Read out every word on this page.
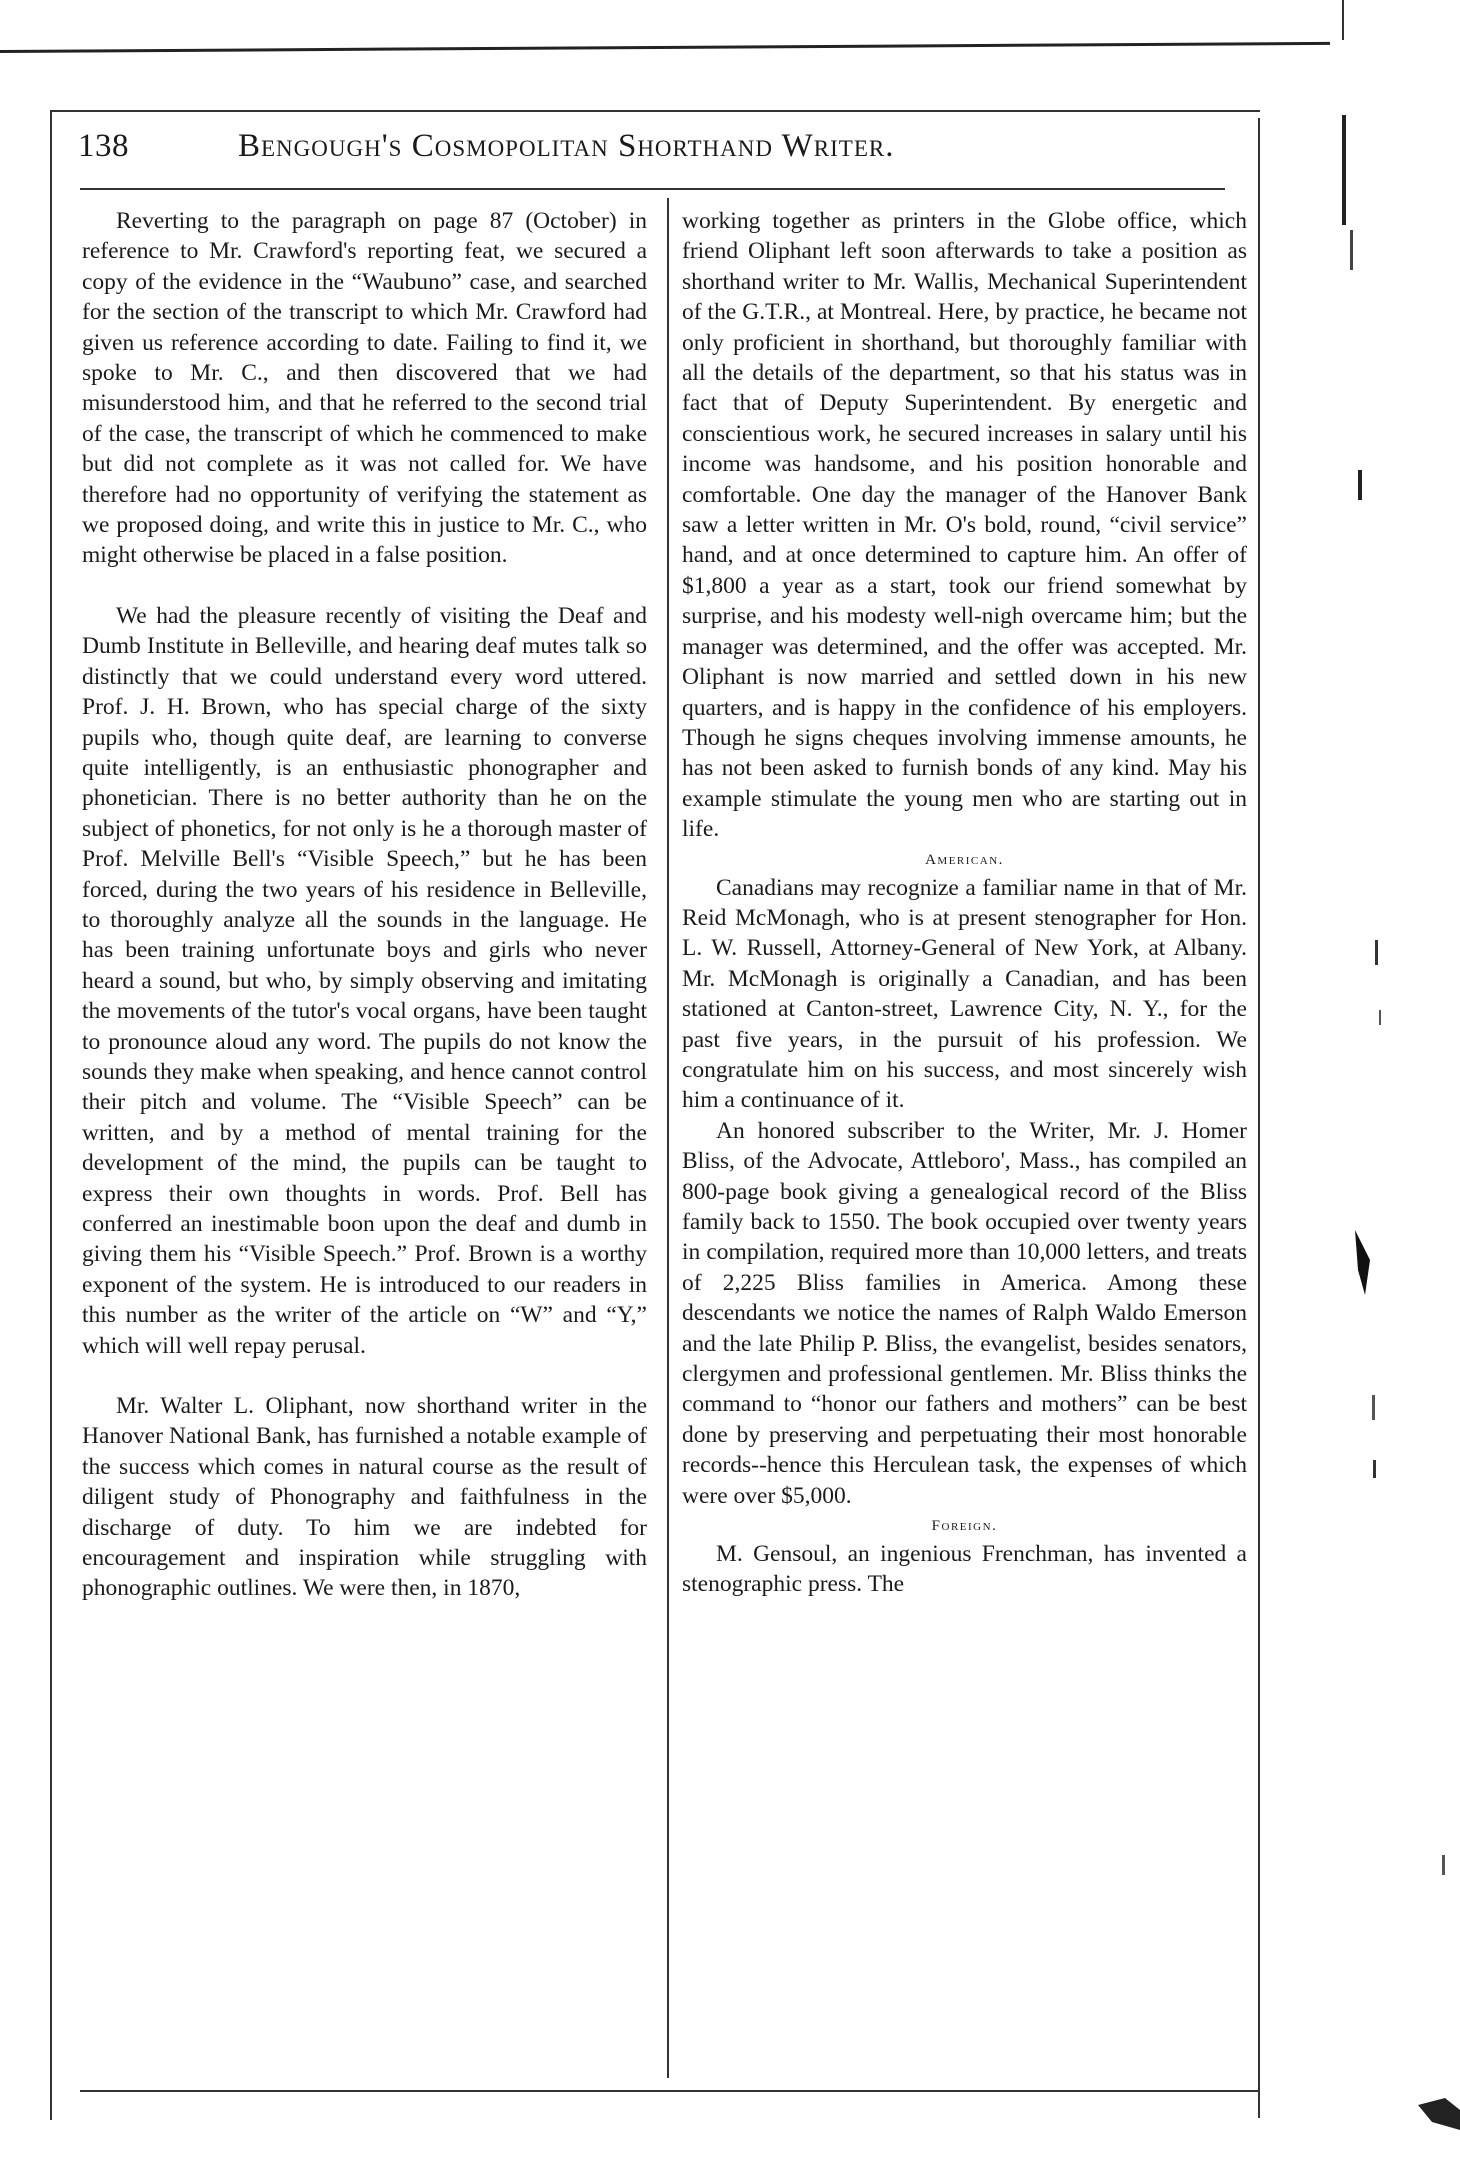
138	Bengough's Cosmopolitan Shorthand Writer.

Reverting to the paragraph on page 87 (October) in reference to Mr. Crawford's reporting feat, we secured a copy of the evidence in the “Waubuno” case, and searched for the section of the transcript to which Mr. Crawford had given us reference according to date. Failing to find it, we spoke to Mr. C., and then discovered that we had misunderstood him, and that he referred to the second trial of the case, the transcript of which he commenced to make but did not complete as it was not called for. We have therefore had no opportunity of verifying the statement as we proposed doing, and write this in justice to Mr. C., who might otherwise be placed in a false position.

We had the pleasure recently of visiting the Deaf and Dumb Institute in Belleville, and hearing deaf mutes talk so distinctly that we could understand every word uttered. Prof. J. H. Brown, who has special charge of the sixty pupils who, though quite deaf, are learning to converse quite intelligently, is an enthusiastic phonographer and phonetician. There is no better authority than he on the subject of phonetics, for not only is he a thorough master of Prof. Melville Bell's “Visible Speech,” but he has been forced, during the two years of his residence in Belleville, to thoroughly analyze all the sounds in the language. He has been training unfortunate boys and girls who never heard a sound, but who, by simply observing and imitating the movements of the tutor's vocal organs, have been taught to pronounce aloud any word. The pupils do not know the sounds they make when speaking, and hence cannot control their pitch and volume. The “Visible Speech” can be written, and by a method of mental training for the development of the mind, the pupils can be taught to express their own thoughts in words. Prof. Bell has conferred an inestimable boon upon the deaf and dumb in giving them his “Visible Speech.” Prof. Brown is a worthy exponent of the system. He is introduced to our readers in this number as the writer of the article on “W” and “Y,” which will well repay perusal.

Mr. Walter L. Oliphant, now shorthand writer in the Hanover National Bank, has furnished a notable example of the success which comes in natural course as the result of diligent study of Phonography and faithfulness in the discharge of duty. To him we are indebted for encouragement and inspiration while struggling with phonographic outlines. We were then, in 1870,

working together as printers in the Globe office, which friend Oliphant left soon afterwards to take a position as shorthand writer to Mr. Wallis, Mechanical Superintendent of the G.T.R., at Montreal. Here, by practice, he became not only proficient in shorthand, but thoroughly familiar with all the details of the department, so that his status was in fact that of Deputy Superintendent. By energetic and conscientious work, he secured increases in salary until his income was handsome, and his position honorable and comfortable. One day the manager of the Hanover Bank saw a letter written in Mr. O's bold, round, “civil service” hand, and at once determined to capture him. An offer of $1,800 a year as a start, took our friend somewhat by surprise, and his modesty well-nigh overcame him; but the manager was determined, and the offer was accepted. Mr. Oliphant is now married and settled down in his new quarters, and is happy in the confidence of his employers. Though he signs cheques involving immense amounts, he has not been asked to furnish bonds of any kind. May his example stimulate the young men who are starting out in life.

American.

Canadians may recognize a familiar name in that of Mr. Reid McMonagh, who is at present stenographer for Hon. L. W. Russell, Attorney-General of New York, at Albany. Mr. McMonagh is originally a Canadian, and has been stationed at Canton-street, Lawrence City, N. Y., for the past five years, in the pursuit of his profession. We congratulate him on his success, and most sincerely wish him a continuance of it.

An honored subscriber to the Writer, Mr. J. Homer Bliss, of the Advocate, Attleboro', Mass., has compiled an 800-page book giving a genealogical record of the Bliss family back to 1550. The book occupied over twenty years in compilation, required more than 10,000 letters, and treats of 2,225 Bliss families in America. Among these descendants we notice the names of Ralph Waldo Emerson and the late Philip P. Bliss, the evangelist, besides senators, clergymen and professional gentlemen. Mr. Bliss thinks the command to “honor our fathers and mothers” can be best done by preserving and perpetuating their most honorable records--hence this Herculean task, the expenses of which were over $5,000.

Foreign.

M. Gensoul, an ingenious Frenchman, has invented a stenographic press. The
